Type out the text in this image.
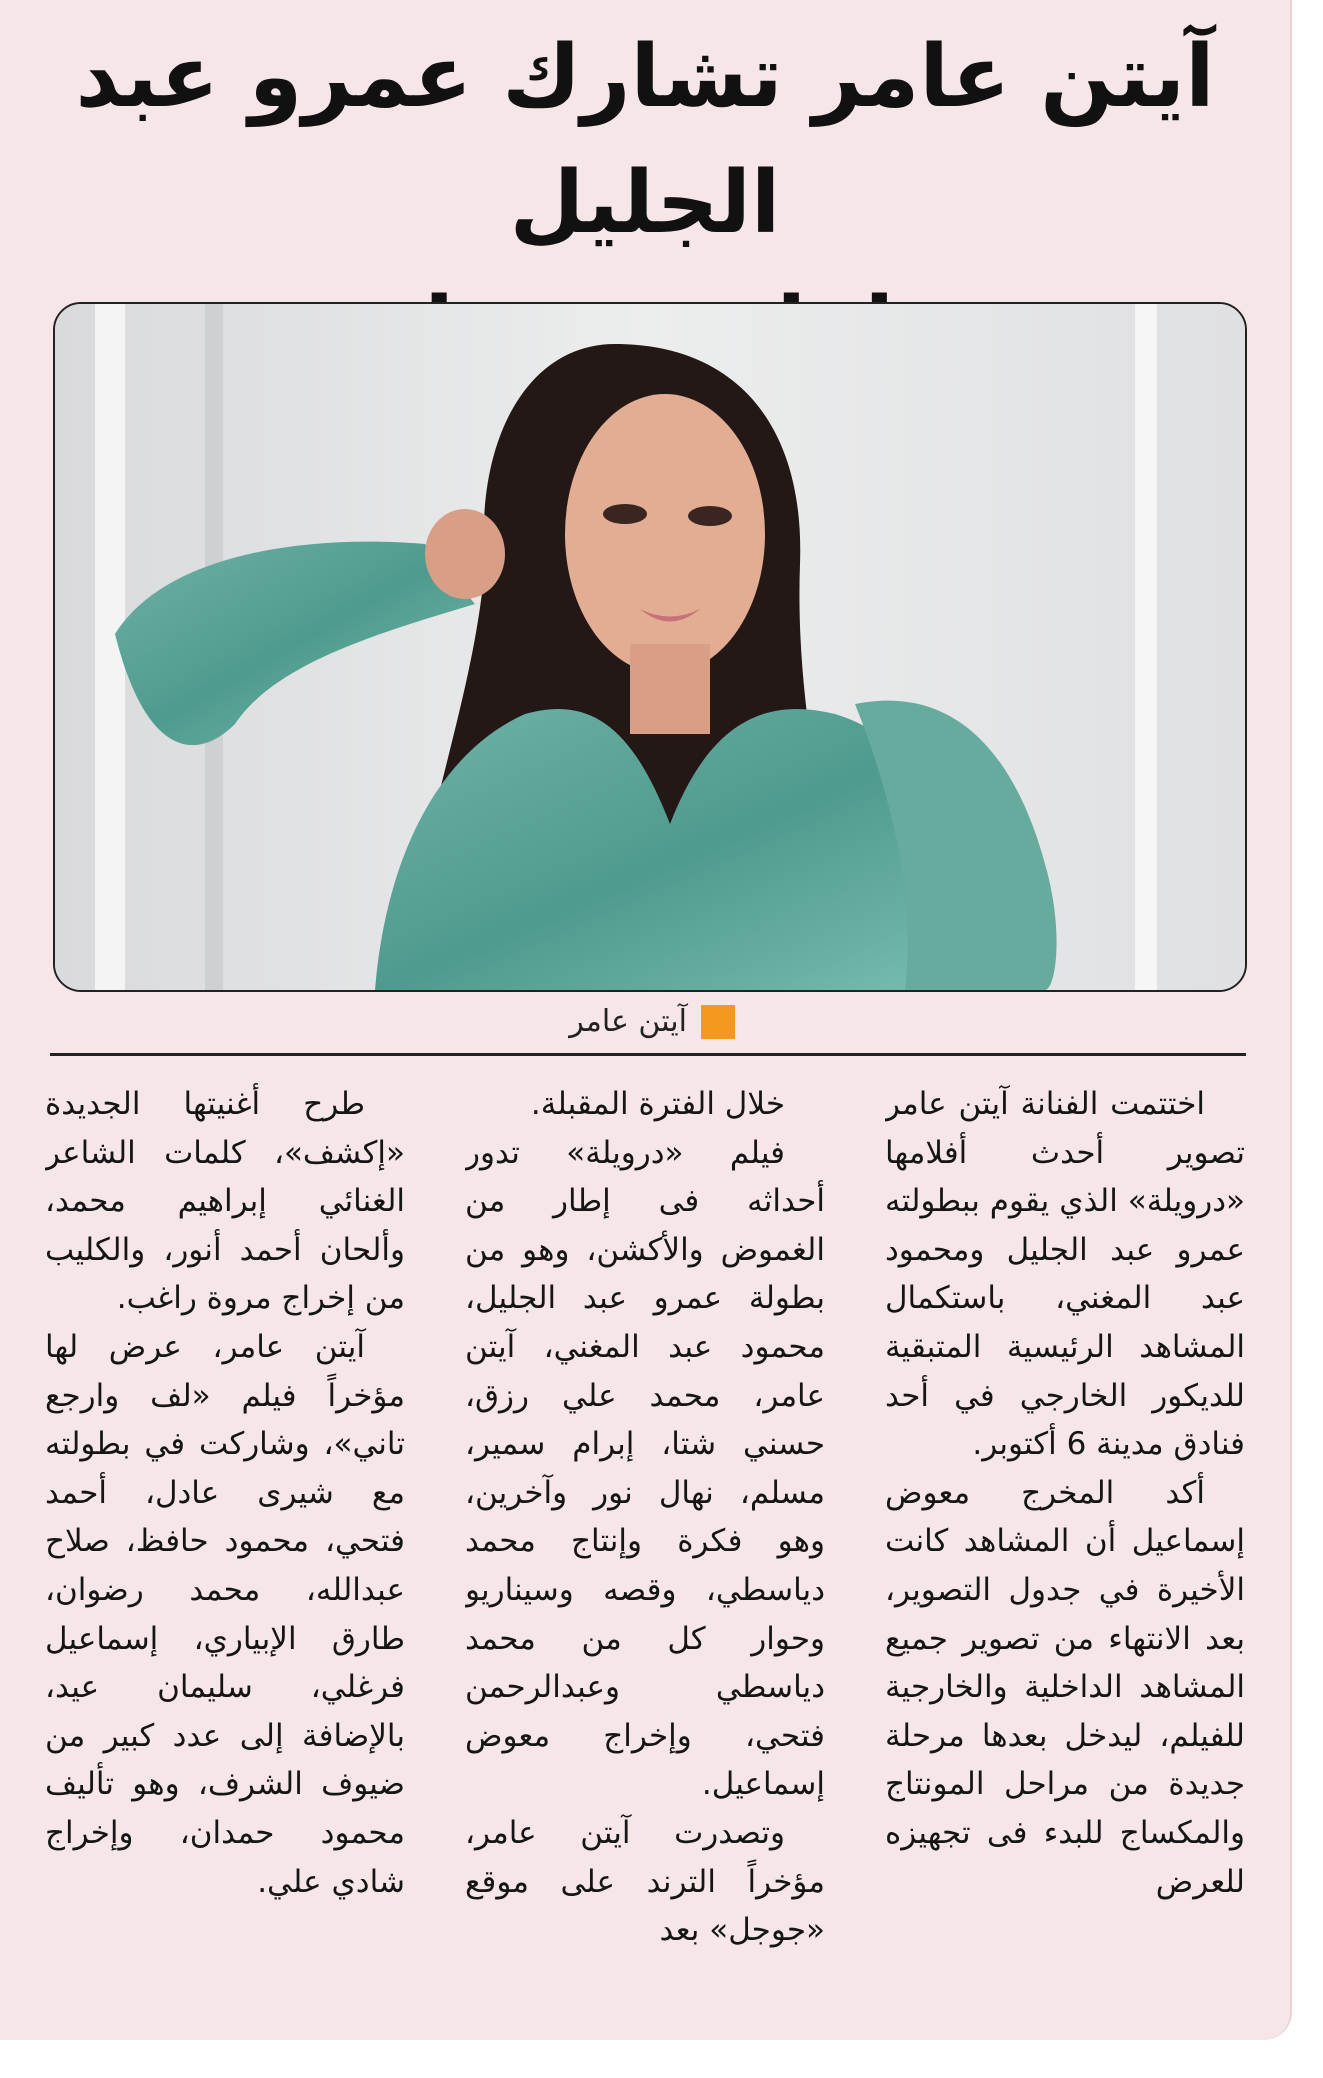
آيتن عامر تشارك عمرو عبد الجليل
آيتن عامر

اختتمت الفنانة آيتن عامر تصوير أحدث أفلامها «درويلة» الذي يقوم ببطولته عمرو عبد الجليل ومحمود عبد المغني، باستكمال المشاهد الرئيسية المتبقية للديكور الخارجي في أحد فنادق مدينة 6 أكتوبر.

أكد المخرج معوض إسماعيل أن المشاهد كانت الأخيرة في جدول التصوير، بعد الانتهاء من تصوير جميع المشاهد الداخلية والخارجية للفيلم، ليدخل بعدها مرحلة جديدة من مراحل المونتاج والمكساج للبدء فى تجهيزه للعرض

خلال الفترة المقبلة.

فيلم «درويلة» تدور أحداثه فى إطار من الغموض والأكشن، وهو من بطولة عمرو عبد الجليل، محمود عبد المغني، آيتن عامر، محمد علي رزق، حسني شتا، إبرام سمير، مسلم، نهال نور وآخرين، وهو فكرة وإنتاج محمد دياسطي، وقصه وسيناريو وحوار كل من محمد دياسطي وعبدالرحمن فتحي، وإخراج معوض إسماعيل.

وتصدرت آيتن عامر، مؤخراً الترند على موقع «جوجل» بعد

طرح أغنيتها الجديدة «إكشف»، كلمات الشاعر الغنائي إبراهيم محمد، وألحان أحمد أنور، والكليب من إخراج مروة راغب.

آيتن عامر، عرض لها مؤخراً فيلم «لف وارجع تاني»، وشاركت في بطولته مع شيرى عادل، أحمد فتحي، محمود حافظ، صلاح عبدالله، محمد رضوان، طارق الإبياري، إسماعيل فرغلي، سليمان عيد، بالإضافة إلى عدد كبير من ضيوف الشرف، وهو تأليف محمود حمدان، وإخراج شادي علي.
